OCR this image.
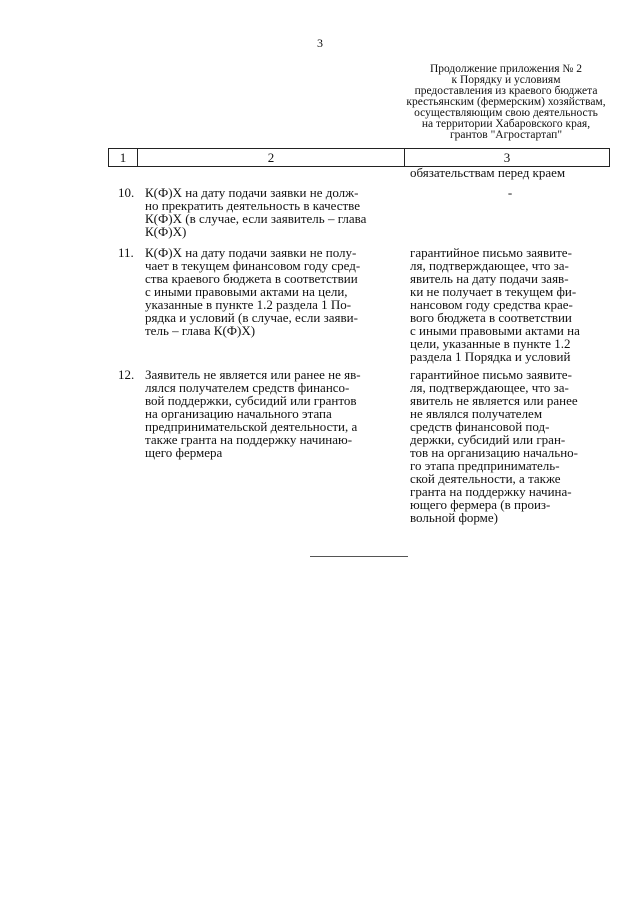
3
Продолжение приложения № 2
к Порядку и условиям
предоставления из краевого бюджета
крестьянским (фермерским) хозяйствам,
осуществляющим свою деятельность
на территории Хабаровского края,
грантов "Агростартап"
1	2	3
обязательствам перед краем
10. К(Ф)Х на дату подачи заявки не долж-
но прекратить деятельность в качестве
К(Ф)Х (в случае, если заявитель – глава
К(Ф)Х)
-
11. К(Ф)Х на дату подачи заявки не полу-
чает в текущем финансовом году сред-
ства краевого бюджета в соответствии
с иными правовыми актами на цели,
указанные в пункте 1.2 раздела 1 По-
рядка и условий (в случае, если заяви-
тель – глава К(Ф)Х)
гарантийное письмо заявите-
ля, подтверждающее, что за-
явитель на дату подачи заяв-
ки не получает в текущем фи-
нансовом году средства крае-
вого бюджета в соответствии
с иными правовыми актами на
цели, указанные в пункте 1.2
раздела 1 Порядка и условий
12. Заявитель не является или ранее не яв-
лялся получателем средств финансо-
вой поддержки, субсидий или грантов
на организацию начального этапа
предпринимательской деятельности, а
также гранта на поддержку начинаю-
щего фермера
гарантийное письмо заявите-
ля, подтверждающее, что за-
явитель не является или ранее
не являлся получателем
средств финансовой под-
держки, субсидий или гран-
тов на организацию начально-
го этапа предприниматель-
ской деятельности, а также
гранта на поддержку начина-
ющего фермера (в произ-
вольной форме)
